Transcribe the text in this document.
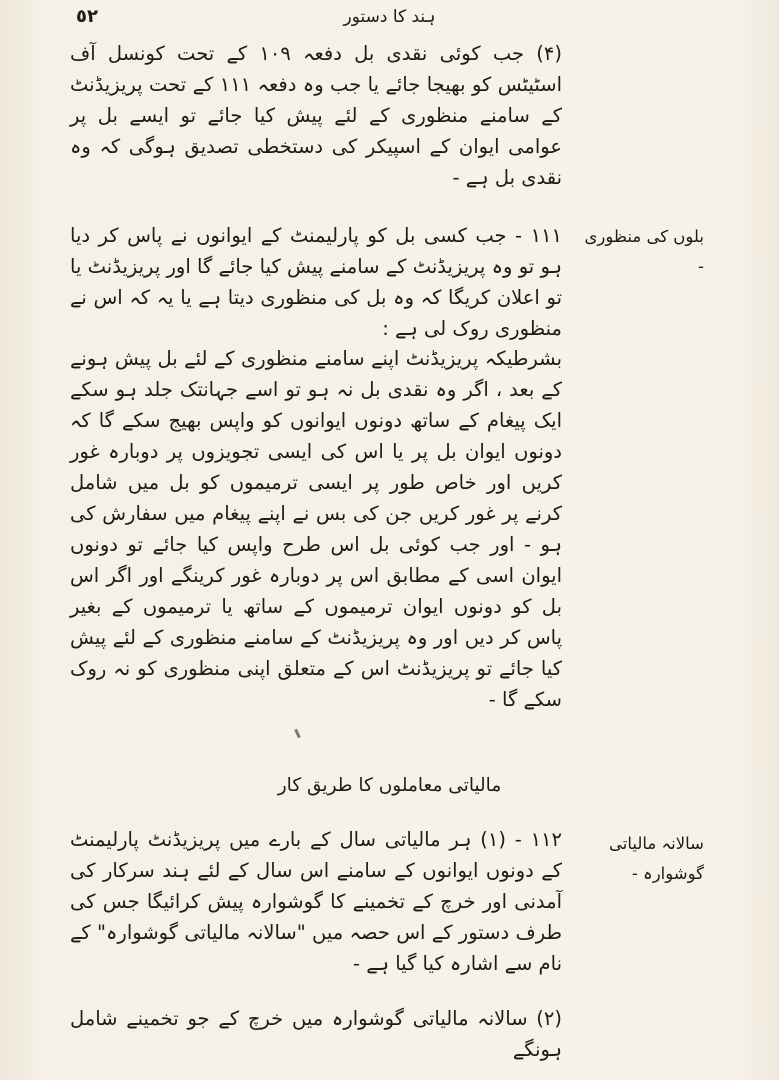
٥٢	ہند کا دستور
(۴) جب کوئی نقدی بل دفعہ ۱۰۹ کے تحت کونسل آف اسٹیٹس کو بھیجا جائے یا جب وہ دفعہ ۱۱۱ کے تحت پریزیڈنٹ کے سامنے منظوری کے لئے پیش کیا جائے تو ایسے بل پر عوامی ایوان کے اسپیکر کی دستخطی تصدیق ہوگی کہ وہ نقدی بل ہے -
بلوں کی منظوری -
۱۱۱ - جب کسی بل کو پارلیمنٹ کے ایوانوں نے پاس کر دیا ہو تو وہ پریزیڈنٹ کے سامنے پیش کیا جائے گا اور پریزیڈنٹ یا تو اعلان کریگا کہ وہ بل کی منظوری دیتا ہے یا یہ کہ اس نے منظوری روک لی ہے :
بشرطیکہ پریزیڈنٹ اپنے سامنے منظوری کے لئے بل پیش ہونے کے بعد ، اگر وہ نقدی بل نہ ہو تو اسے جہانتک جلد ہو سکے ایک پیغام کے ساتھ دونوں ایوانوں کو واپس بھیج سکے گا کہ دونوں ایوان بل پر یا اس کی ایسی تجویزوں پر دوبارہ غور کریں اور خاص طور پر ایسی ترمیموں کو بل میں شامل کرنے پر غور کریں جن کی بس نے اپنے پیغام میں سفارش کی ہو - اور جب کوئی بل اس طرح واپس کیا جائے تو دونوں ایوان اسی کے مطابق اس پر دوبارہ غور کرینگے اور اگر اس بل کو دونوں ایوان ترمیموں کے ساتھ یا ترمیموں کے بغیر پاس کر دیں اور وہ پریزیڈنٹ کے سامنے منظوری کے لئے پیش کیا جائے تو پریزیڈنٹ اس کے متعلق اپنی منظوری کو نہ روک سکے گا -
مالیاتی معاملوں کا طریق کار
سالانہ مالیاتی گوشوارہ -
۱۱۲ - (۱) ہر مالیاتی سال کے بارے میں پریزیڈنٹ پارلیمنٹ کے دونوں ایوانوں کے سامنے اس سال کے لئے ہند سرکار کی آمدنی اور خرچ کے تخمینے کا گوشوارہ پیش کرائیگا جس کی طرف دستور کے اس حصہ میں "سالانہ مالیاتی گوشوارہ" کے نام سے اشارہ کیا گیا ہے -
(۲) سالانہ مالیاتی گوشوارہ میں خرچ کے جو تخمینے شامل ہونگے
